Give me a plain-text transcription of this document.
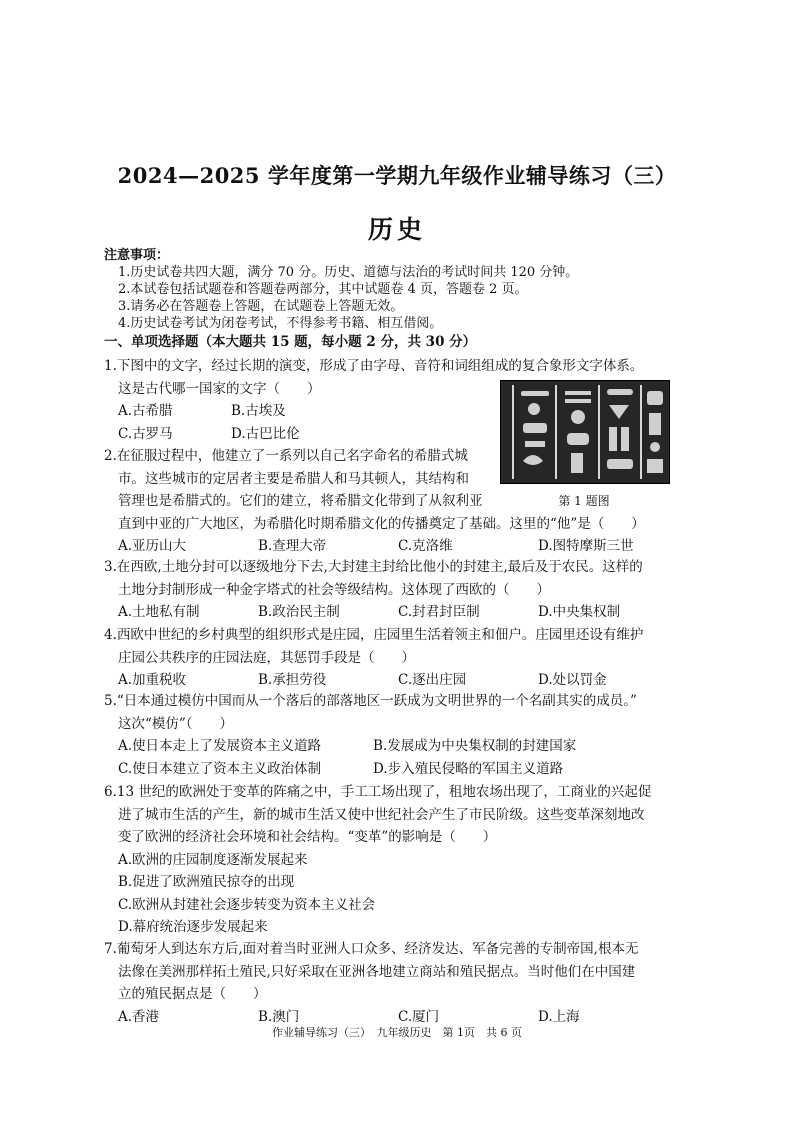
2024—2025 学年度第一学期九年级作业辅导练习（三）
历史
注意事项：
1.历史试卷共四大题，满分 70 分。历史、道德与法治的考试时间共 120 分钟。
2.本试卷包括试题卷和答题卷两部分，其中试题卷 4 页，答题卷 2 页。
3.请务必在答题卷上答题，在试题卷上答题无效。
4.历史试卷考试为闭卷考试，不得参考书籍、相互借阅。
一、单项选择题（本大题共 15 题，每小题 2 分，共 30 分）
1.下图中的文字，经过长期的演变，形成了由字母、音符和词组组成的复合象形文字体系。
这是古代哪一国家的文字（　　）
A.古希腊	B.古埃及
C.古罗马	D.古巴比伦
第 1 题图
2.在征服过程中，他建立了一系列以自己名字命名的希腊式城
市。这些城市的定居者主要是希腊人和马其顿人，其结构和
管理也是希腊式的。它们的建立，将希腊文化带到了从叙利亚
直到中亚的广大地区，为希腊化时期希腊文化的传播奠定了基础。这里的“他”是（　　）
A.亚历山大	B.查理大帝	C.克洛维	D.图特摩斯三世
3.在西欧,土地分封可以逐级地分下去,大封建主封给比他小的封建主,最后及于农民。这样的
土地分封制形成一种金字塔式的社会等级结构。这体现了西欧的（　　）
A.土地私有制	B.政治民主制	C.封君封臣制	D.中央集权制
4.西欧中世纪的乡村典型的组织形式是庄园，庄园里生活着领主和佃户。庄园里还设有维护
庄园公共秩序的庄园法庭，其惩罚手段是（　　）
A.加重税收	B.承担劳役	C.逐出庄园	D.处以罚金
5.“日本通过模仿中国而从一个落后的部落地区一跃成为文明世界的一个名副其实的成员。”
这次“模仿”（　　）
A.使日本走上了发展资本主义道路	B.发展成为中央集权制的封建国家
C.使日本建立了资本主义政治体制	D.步入殖民侵略的军国主义道路
6.13 世纪的欧洲处于变革的阵痛之中，手工工场出现了，租地农场出现了，工商业的兴起促
进了城市生活的产生，新的城市生活又使中世纪社会产生了市民阶级。这些变革深刻地改
变了欧洲的经济社会环境和社会结构。“变革”的影响是（　　）
A.欧洲的庄园制度逐渐发展起来
B.促进了欧洲殖民掠夺的出现
C.欧洲从封建社会逐步转变为资本主义社会
D.幕府统治逐步发展起来
7.葡萄牙人到达东方后,面对着当时亚洲人口众多、经济发达、军备完善的专制帝国,根本无
法像在美洲那样拓土殖民,只好采取在亚洲各地建立商站和殖民据点。当时他们在中国建
立的殖民据点是（　　）
A.香港	B.澳门	C.厦门	D.上海
作业辅导练习（三）　九年级历史　第 1页　共 6 页
